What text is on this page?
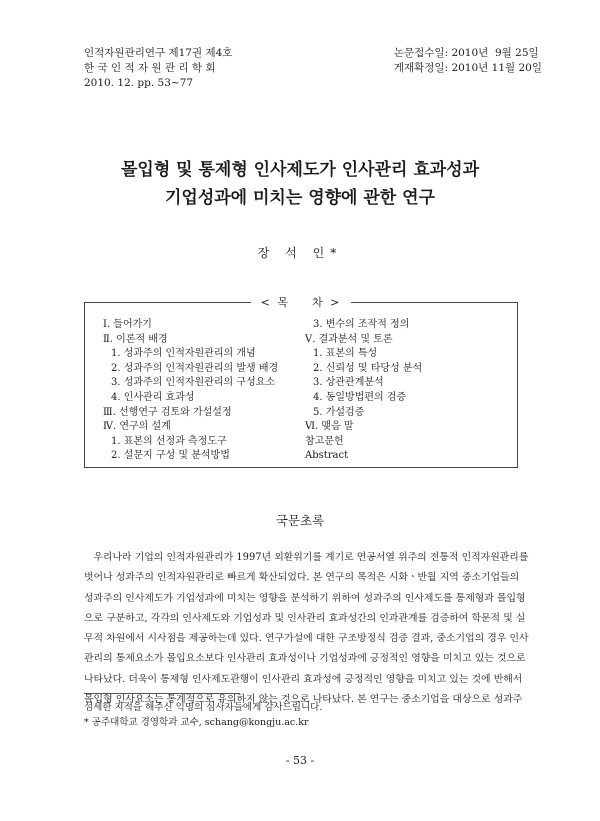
인적자원관리연구 제17권 제4호
한 국 인 적 자 원 관 리 학 회
2010. 12. pp. 53~77
논문접수일: 2010년  9월 25일
게재확정일: 2010년 11월 20일
몰입형 및 통제형 인사제도가 인사관리 효과성과
기업성과에 미치는 영향에 관한 연구
장 석 인*
< 목    차 >
Ⅰ. 들어가기
Ⅱ. 이론적 배경
1. 성과주의 인적자원관리의 개념
2. 성과주의 인적자원관리의 발생 배경
3. 성과주의 인적자원관리의 구성요소
4. 인사관리 효과성
Ⅲ. 선행연구 검토와 가설설정
Ⅳ. 연구의 설계
1. 표본의 선정과 측정도구
2. 설문지 구성 및 분석방법
3. 변수의 조작적 정의
Ⅴ. 결과분석 및 토론
1. 표본의 특성
2. 신뢰성 및 타당성 분석
3. 상관관계분석
4. 동일방법편의 검증
5. 가설검증
Ⅵ. 맺음 말
참고문헌
Abstract
국문초록
우리나라 기업의 인적자원관리가 1997년 외환위기를 계기로 연공서열 위주의 전통적 인적자원관리를
벗어나 성과주의 인적자원관리로 빠르게 확산되었다. 본 연구의 목적은 시화ㆍ반월 지역 중소기업들의
성과주의 인사제도가 기업성과에 미치는 영향을 분석하기 위하여 성과주의 인사제도를 통제형과 몰입형
으로 구분하고, 각각의 인사제도와 기업성과 및 인사관리 효과성간의 인과관계를 검증하여 학문적 및 실
무적 차원에서 시사점을 제공하는데 있다. 연구가설에 대한 구조방정식 검증 결과, 중소기업의 경우 인사
관리의 통제요소가 몰입요소보다 인사관리 효과성이나 기업성과에 긍정적인 영향을 미치고 있는 것으로
나타났다. 더욱이 통제형 인사제도관행이 인사관리 효과성에 긍정적인 영향을 미치고 있는 것에 반해서
몰입형 인사요소는 통계적으로 유의하지 않는 것으로 나타났다. 본 연구는 중소기업을 대상으로 성과주
섬세한 지적을 해주신 익명의 심사자들에게 감사드립니다.
* 공주대학교 경영학과 교수, schang@kongju.ac.kr
- 53 -
